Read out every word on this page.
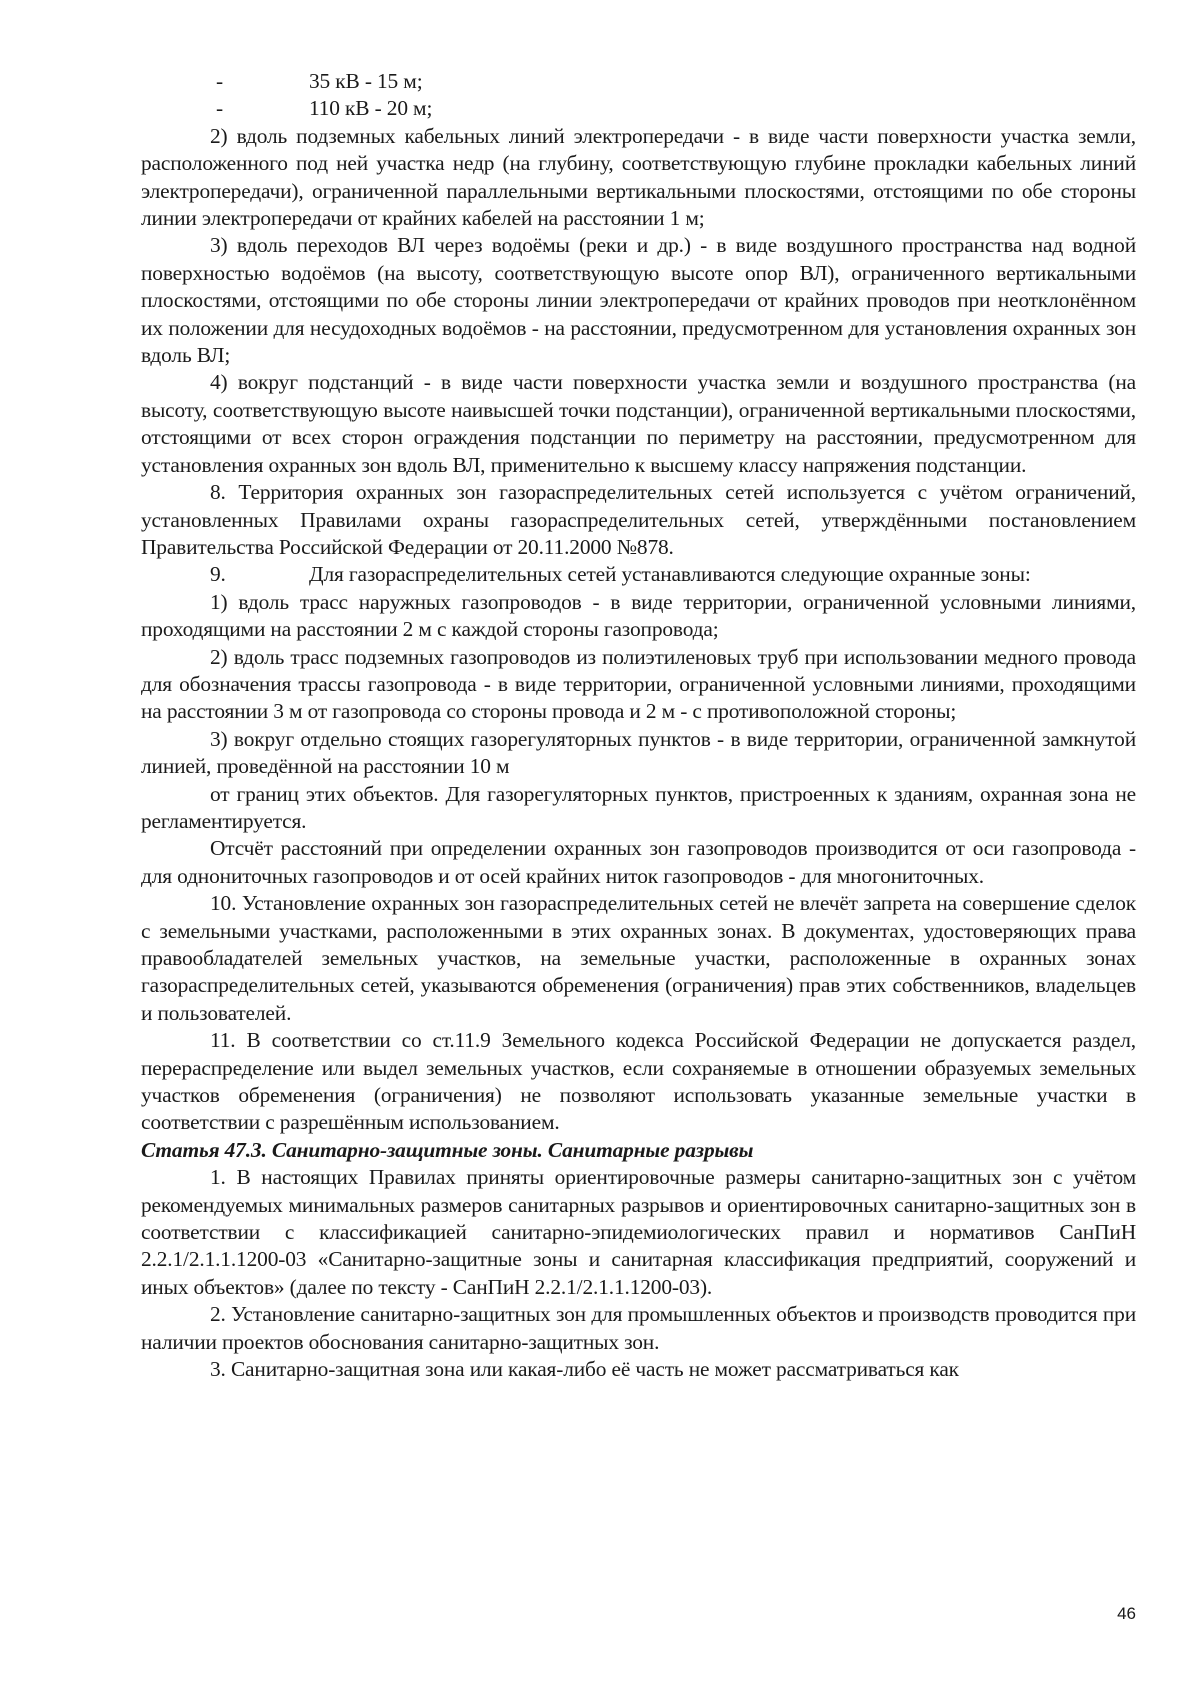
-	35 кВ - 15 м;
-	110 кВ - 20 м;

2) вдоль подземных кабельных линий электропередачи - в виде части поверхности участка земли, расположенного под ней участка недр (на глубину, соответствующую глубине прокладки кабельных линий электропередачи), ограниченной параллельными вертикальными плоскостями, отстоящими по обе стороны линии электропередачи от крайних кабелей на расстоянии 1 м;

3) вдоль переходов ВЛ через водоёмы (реки и др.) - в виде воздушного пространства над водной поверхностью водоёмов (на высоту, соответствующую высоте опор ВЛ), ограниченного вертикальными плоскостями, отстоящими по обе стороны линии электропередачи от крайних проводов при неотклонённом их положении для несудоходных водоёмов - на расстоянии, предусмотренном для установления охранных зон вдоль ВЛ;

4) вокруг подстанций - в виде части поверхности участка земли и воздушного пространства (на высоту, соответствующую высоте наивысшей точки подстанции), ограниченной вертикальными плоскостями, отстоящими от всех сторон ограждения подстанции по периметру на расстоянии, предусмотренном для установления охранных зон вдоль ВЛ, применительно к высшему классу напряжения подстанции.

8. Территория охранных зон газораспределительных сетей используется с учётом ограничений, установленных Правилами охраны газораспределительных сетей, утверждёнными постановлением Правительства Российской Федерации от 20.11.2000 №878.

9.	Для газораспределительных сетей устанавливаются следующие охранные зоны:

1) вдоль трасс наружных газопроводов - в виде территории, ограниченной условными линиями, проходящими на расстоянии 2 м с каждой стороны газопровода;

2) вдоль трасс подземных газопроводов из полиэтиленовых труб при использовании медного провода для обозначения трассы газопровода - в виде территории, ограниченной условными линиями, проходящими на расстоянии 3 м от газопровода со стороны провода и 2 м - с противоположной стороны;

3) вокруг отдельно стоящих газорегуляторных пунктов - в виде территории, ограниченной замкнутой линией, проведённой на расстоянии 10 м

от границ этих объектов. Для газорегуляторных пунктов, пристроенных к зданиям, охранная зона не регламентируется.

Отсчёт расстояний при определении охранных зон газопроводов производится от оси газопровода - для однониточных газопроводов и от осей крайних ниток газопроводов - для многониточных.

10. Установление охранных зон газораспределительных сетей не влечёт запрета на совершение сделок с земельными участками, расположенными в этих охранных зонах. В документах, удостоверяющих права правообладателей земельных участков, на земельные участки, расположенные в охранных зонах газораспределительных сетей, указываются обременения (ограничения) прав этих собственников, владельцев и пользователей.

11. В соответствии со ст.11.9 Земельного кодекса Российской Федерации не допускается раздел, перераспределение или выдел земельных участков, если сохраняемые в отношении образуемых земельных участков обременения (ограничения) не позволяют использовать указанные земельные участки в соответствии с разрешённым использованием.

Статья 47.3. Санитарно-защитные зоны. Санитарные разрывы

1. В настоящих Правилах приняты ориентировочные размеры санитарно-защитных зон с учётом рекомендуемых минимальных размеров санитарных разрывов и ориентировочных санитарно-защитных зон в соответствии с классификацией санитарно-эпидемиологических правил и нормативов СанПиН 2.2.1/2.1.1.1200-03 «Санитарно-защитные зоны и санитарная классификация предприятий, сооружений и иных объектов» (далее по тексту - СанПиН 2.2.1/2.1.1.1200-03).

2. Установление санитарно-защитных зон для промышленных объектов и производств проводится при наличии проектов обоснования санитарно-защитных зон.

3. Санитарно-защитная зона или какая-либо её часть не может рассматриваться как

46
